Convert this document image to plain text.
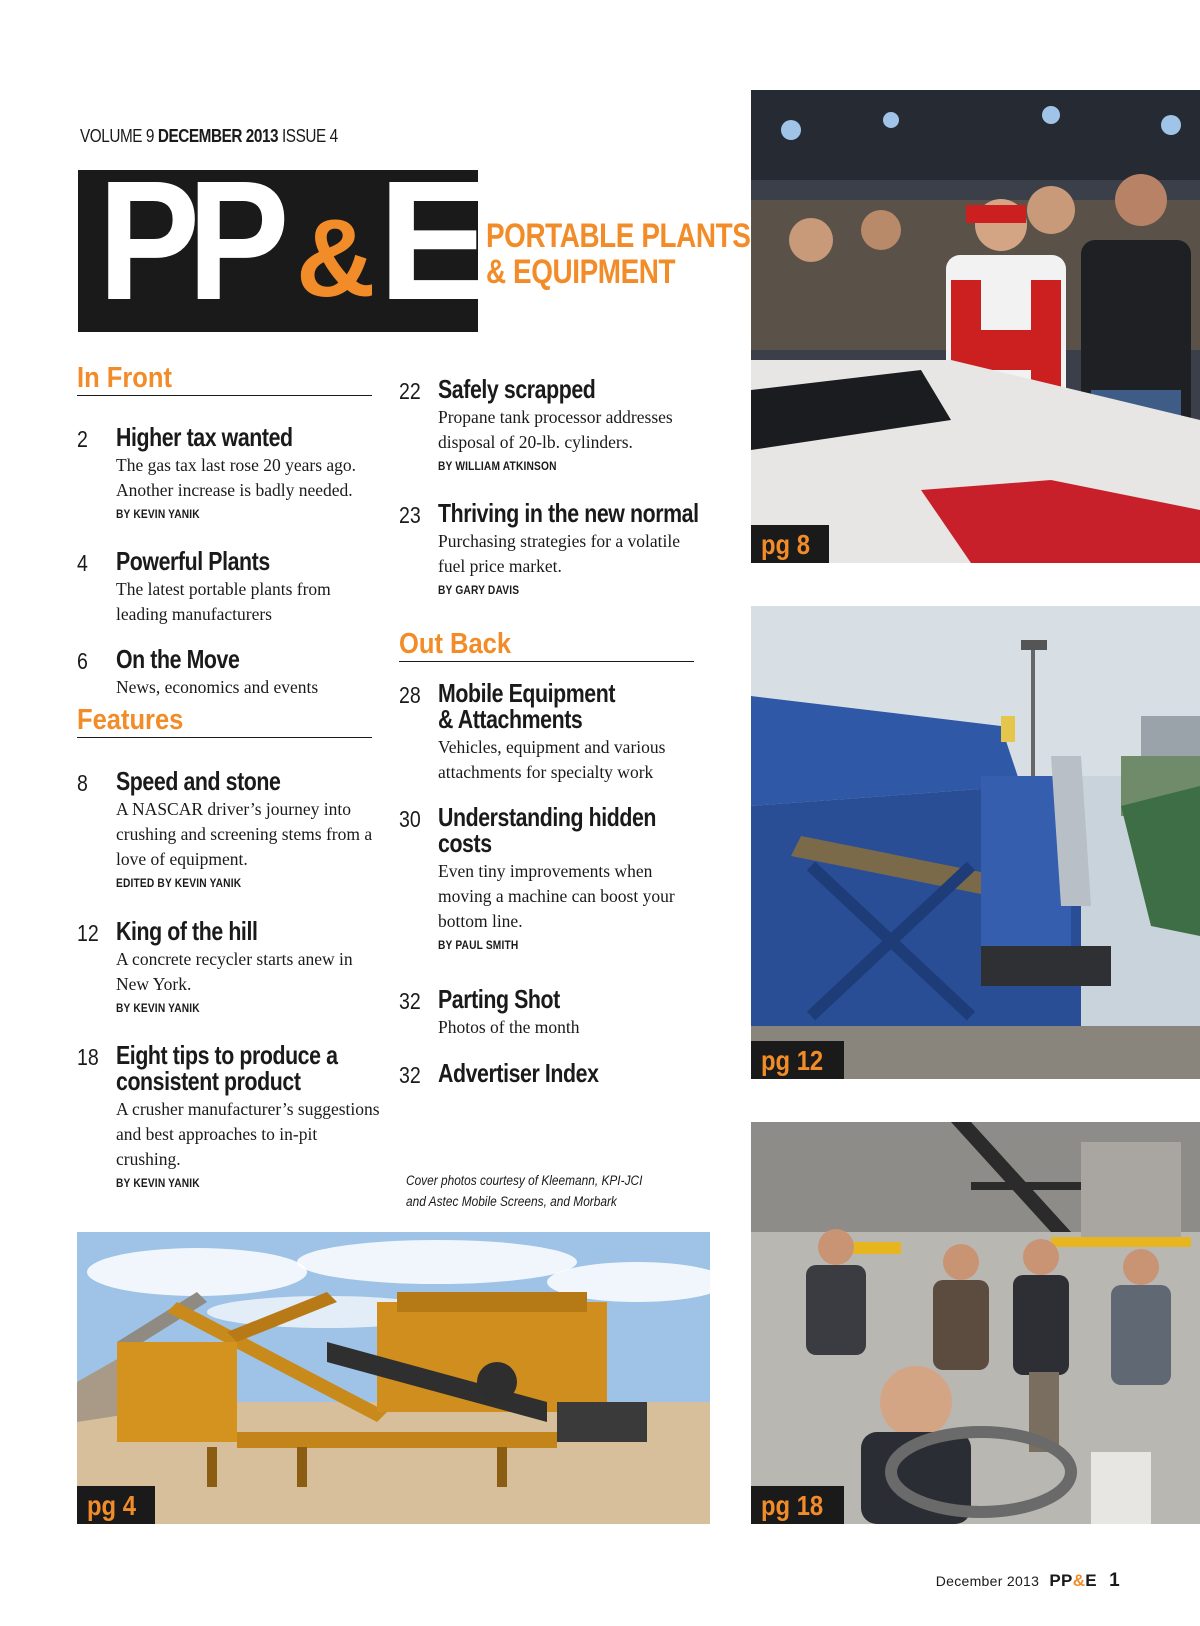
VOLUME 9 DECEMBER 2013 ISSUE 4
PP & E
PORTABLE PLANTS
& EQUIPMENT
In Front
2 Higher tax wanted
The gas tax last rose 20 years ago. Another increase is badly needed.
BY KEVIN YANIK
4 Powerful Plants
The latest portable plants from leading manufacturers
6 On the Move
News, economics and events
Features
8 Speed and stone
A NASCAR driver’s journey into crushing and screening stems from a love of equipment.
EDITED BY KEVIN YANIK
12 King of the hill
A concrete recycler starts anew in New York.
BY KEVIN YANIK
18 Eight tips to produce a
consistent product
A crusher manufacturer’s suggestions and best approaches to in-pit crushing.
BY KEVIN YANIK
22 Safely scrapped
Propane tank processor addresses disposal of 20-lb. cylinders.
BY WILLIAM ATKINSON
23 Thriving in the new normal
Purchasing strategies for a volatile fuel price market.
BY GARY DAVIS
Out Back
28 Mobile Equipment
& Attachments
Vehicles, equipment and various attachments for specialty work
30 Understanding hidden
costs
Even tiny improvements when moving a machine can boost your bottom line.
BY PAUL SMITH
32 Parting Shot
Photos of the month
32 Advertiser Index
Cover photos courtesy of Kleemann, KPI-JCI and Astec Mobile Screens, and Morbark
pg 8
pg 12
pg 18
pg 4
December 2013 PP&E 1
